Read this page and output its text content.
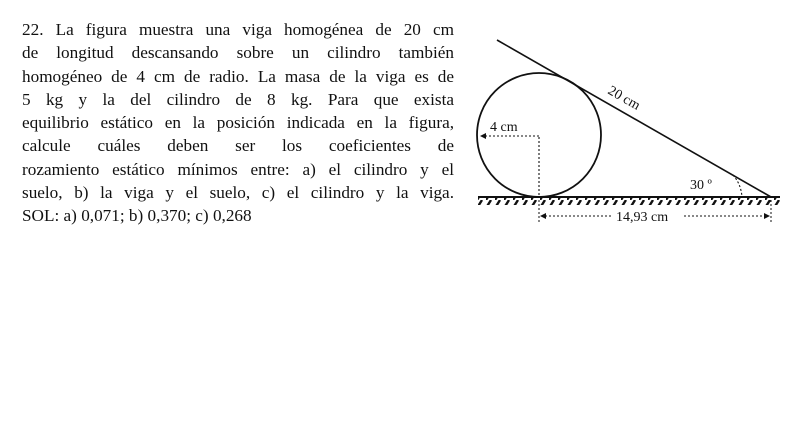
22. La figura muestra una viga homogénea de 20 cm
de longitud descansando sobre un cilindro también
homogéneo de 4 cm de radio. La masa de la viga es de
5 kg y la del cilindro de 8 kg. Para que exista
equilibrio estático en la posición indicada en la figura,
calcule cuáles deben ser los coeficientes de
rozamiento estático mínimos entre: a) el cilindro y el
suelo, b) la viga y el suelo, c) el cilindro y la viga.
SOL: a) 0,071; b) 0,370; c) 0,268
4 cm
20 cm
30 º
14,93 cm
